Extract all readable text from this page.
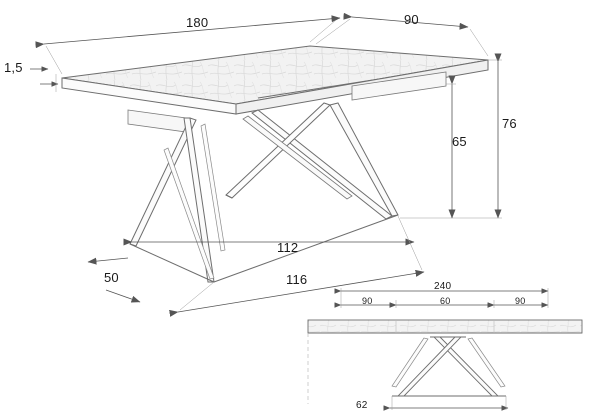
180	90
1,5
76
65
50
112
116	240
90	60	90
62
